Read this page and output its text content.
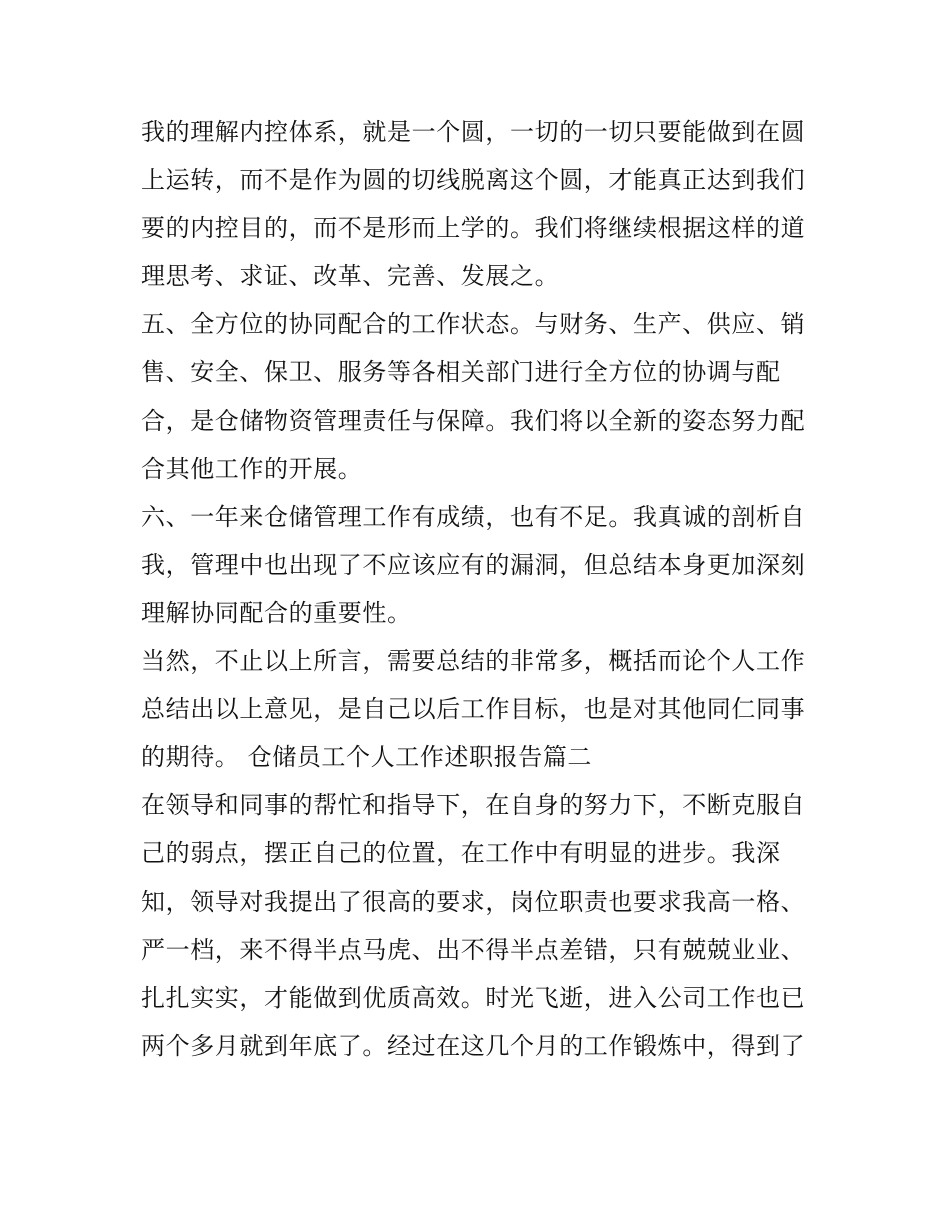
我的理解内控体系，就是一个圆，一切的一切只要能做到在圆
上运转，而不是作为圆的切线脱离这个圆，才能真正达到我们
要的内控目的，而不是形而上学的。我们将继续根据这样的道
理思考、求证、改革、完善、发展之。
五、全方位的协同配合的工作状态。与财务、生产、供应、销
售、安全、保卫、服务等各相关部门进行全方位的协调与配
合，是仓储物资管理责任与保障。我们将以全新的姿态努力配
合其他工作的开展。
六、一年来仓储管理工作有成绩，也有不足。我真诚的剖析自
我，管理中也出现了不应该应有的漏洞，但总结本身更加深刻
理解协同配合的重要性。
当然，不止以上所言，需要总结的非常多，概括而论个人工作
总结出以上意见，是自己以后工作目标，也是对其他同仁同事
的期待。 仓储员工个人工作述职报告篇二
在领导和同事的帮忙和指导下，在自身的努力下，不断克服自
己的弱点，摆正自己的位置，在工作中有明显的进步。我深
知，领导对我提出了很高的要求，岗位职责也要求我高一格、
严一档，来不得半点马虎、出不得半点差错，只有兢兢业业、
扎扎实实，才能做到优质高效。时光飞逝，进入公司工作也已
两个多月就到年底了。经过在这几个月的工作锻炼中，得到了
